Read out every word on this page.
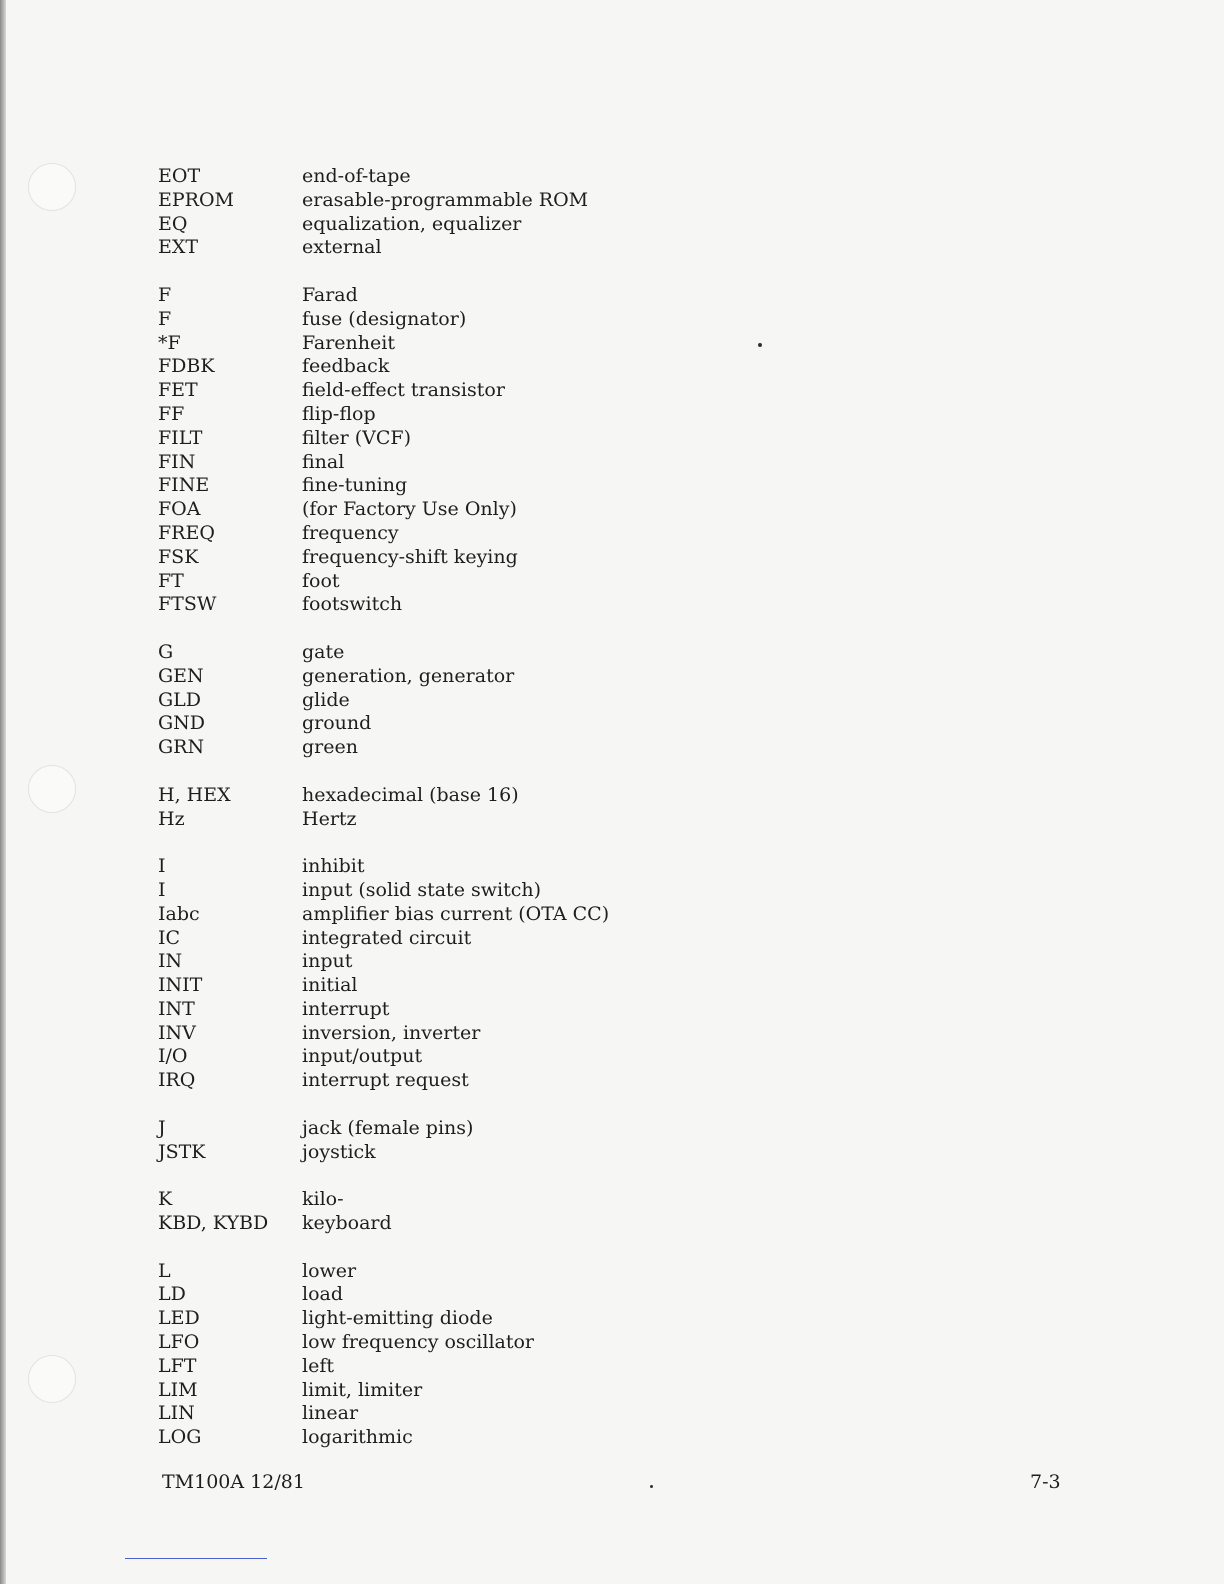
EOT	end-of-tape
EPROM	erasable-programmable ROM
EQ	equalization, equalizer
EXT	external
F	Farad
F	fuse (designator)
*F	Farenheit
FDBK	feedback
FET	field-effect transistor
FF	flip-flop
FILT	filter (VCF)
FIN	final
FINE	fine-tuning
FOA	(for Factory Use Only)
FREQ	frequency
FSK	frequency-shift keying
FT	foot
FTSW	footswitch
G	gate
GEN	generation, generator
GLD	glide
GND	ground
GRN	green
H, HEX	hexadecimal (base 16)
Hz	Hertz
I	inhibit
I	input (solid state switch)
Iabc	amplifier bias current (OTA CC)
IC	integrated circuit
IN	input
INIT	initial
INT	interrupt
INV	inversion, inverter
I/O	input/output
IRQ	interrupt request
J	jack (female pins)
JSTK	joystick
K	kilo-
KBD, KYBD	keyboard
L	lower
LD	load
LED	light-emitting diode
LFO	low frequency oscillator
LFT	left
LIM	limit, limiter
LIN	linear
LOG	logarithmic
TM100A 12/81	7-3
